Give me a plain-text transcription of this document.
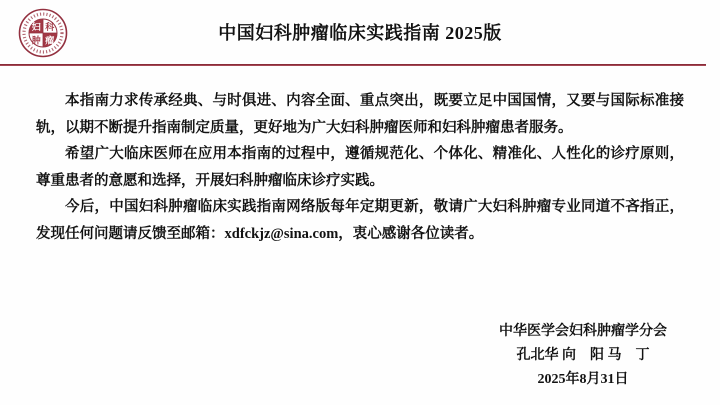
妇 科
肿 瘤	中国妇科肿瘤临床实践指南 2025版

本指南力求传承经典、与时俱进、内容全面、重点突出，既要立足中国国情，又要与国际标准接轨，以期不断提升指南制定质量，更好地为广大妇科肿瘤医师和妇科肿瘤患者服务。

希望广大临床医师在应用本指南的过程中，遵循规范化、个体化、精准化、人性化的诊疗原则，尊重患者的意愿和选择，开展妇科肿瘤临床诊疗实践。

今后，中国妇科肿瘤临床实践指南网络版每年定期更新，敬请广大妇科肿瘤专业同道不吝指正，发现任何问题请反馈至邮箱：xdfckjz@sina.com，衷心感谢各位读者。

中华医学会妇科肿瘤学分会
孔北华 向　阳 马　丁
2025年8月31日
